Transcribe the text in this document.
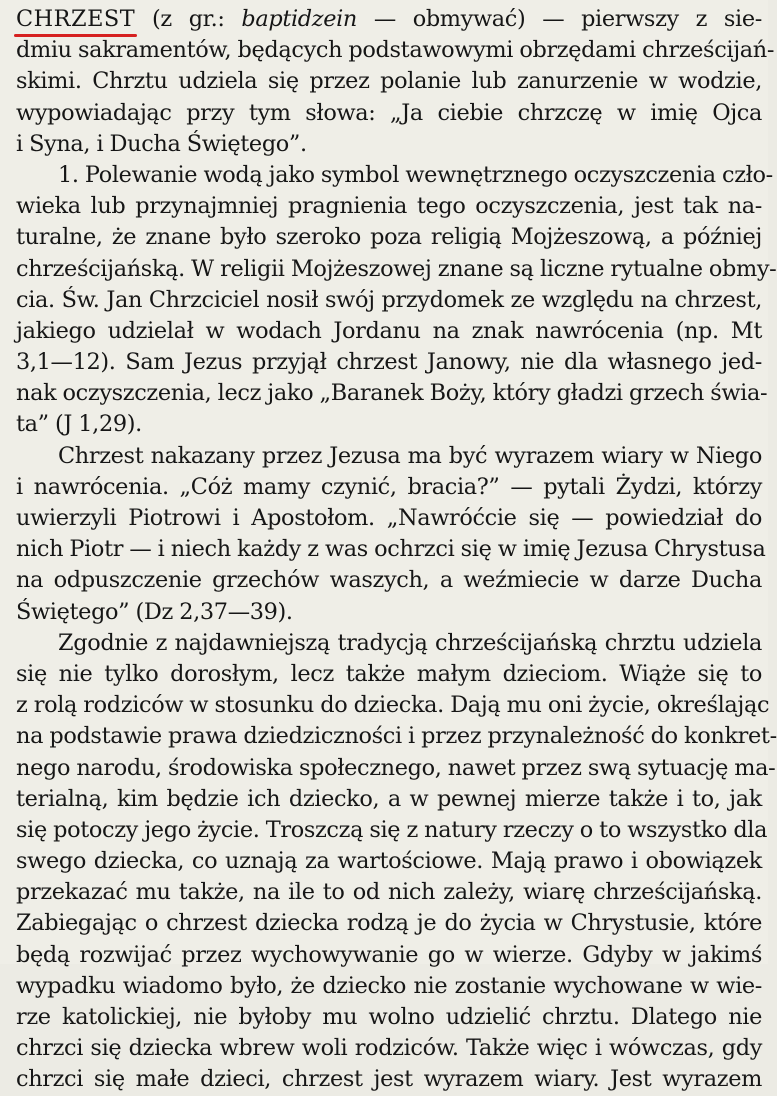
CHRZEST (z gr.: baptidzein — obmywać) — pierwszy z sie-
dmiu sakramentów, będących podstawowymi obrzędami chrześcijań-
skimi. Chrztu udziela się przez polanie lub zanurzenie w wodzie,
wypowiadając przy tym słowa: „Ja ciebie chrzczę w imię Ojca
i Syna, i Ducha Świętego”.
1. Polewanie wodą jako symbol wewnętrznego oczyszczenia czło-
wieka lub przynajmniej pragnienia tego oczyszczenia, jest tak na-
turalne, że znane było szeroko poza religią Mojżeszową, a później
chrześcijańską. W religii Mojżeszowej znane są liczne rytualne obmy-
cia. Św. Jan Chrzciciel nosił swój przydomek ze względu na chrzest,
jakiego udzielał w wodach Jordanu na znak nawrócenia (np. Mt
3,1—12). Sam Jezus przyjął chrzest Janowy, nie dla własnego jed-
nak oczyszczenia, lecz jako „Baranek Boży, który gładzi grzech świa-
ta” (J 1,29).
Chrzest nakazany przez Jezusa ma być wyrazem wiary w Niego
i nawrócenia. „Cóż mamy czynić, bracia?” — pytali Żydzi, którzy
uwierzyli Piotrowi i Apostołom. „Nawróćcie się — powiedział do
nich Piotr — i niech każdy z was ochrzci się w imię Jezusa Chrystusa
na odpuszczenie grzechów waszych, a weźmiecie w darze Ducha
Świętego” (Dz 2,37—39).
Zgodnie z najdawniejszą tradycją chrześcijańską chrztu udziela
się nie tylko dorosłym, lecz także małym dzieciom. Wiąże się to
z rolą rodziców w stosunku do dziecka. Dają mu oni życie, określając
na podstawie prawa dziedziczności i przez przynależność do konkret-
nego narodu, środowiska społecznego, nawet przez swą sytuację ma-
terialną, kim będzie ich dziecko, a w pewnej mierze także i to, jak
się potoczy jego życie. Troszczą się z natury rzeczy o to wszystko dla
swego dziecka, co uznają za wartościowe. Mają prawo i obowiązek
przekazać mu także, na ile to od nich zależy, wiarę chrześcijańską.
Zabiegając o chrzest dziecka rodzą je do życia w Chrystusie, które
będą rozwijać przez wychowywanie go w wierze. Gdyby w jakimś
wypadku wiadomo było, że dziecko nie zostanie wychowane w wie-
rze katolickiej, nie byłoby mu wolno udzielić chrztu. Dlatego nie
chrzci się dziecka wbrew woli rodziców. Także więc i wówczas, gdy
chrzci się małe dzieci, chrzest jest wyrazem wiary. Jest wyrazem
